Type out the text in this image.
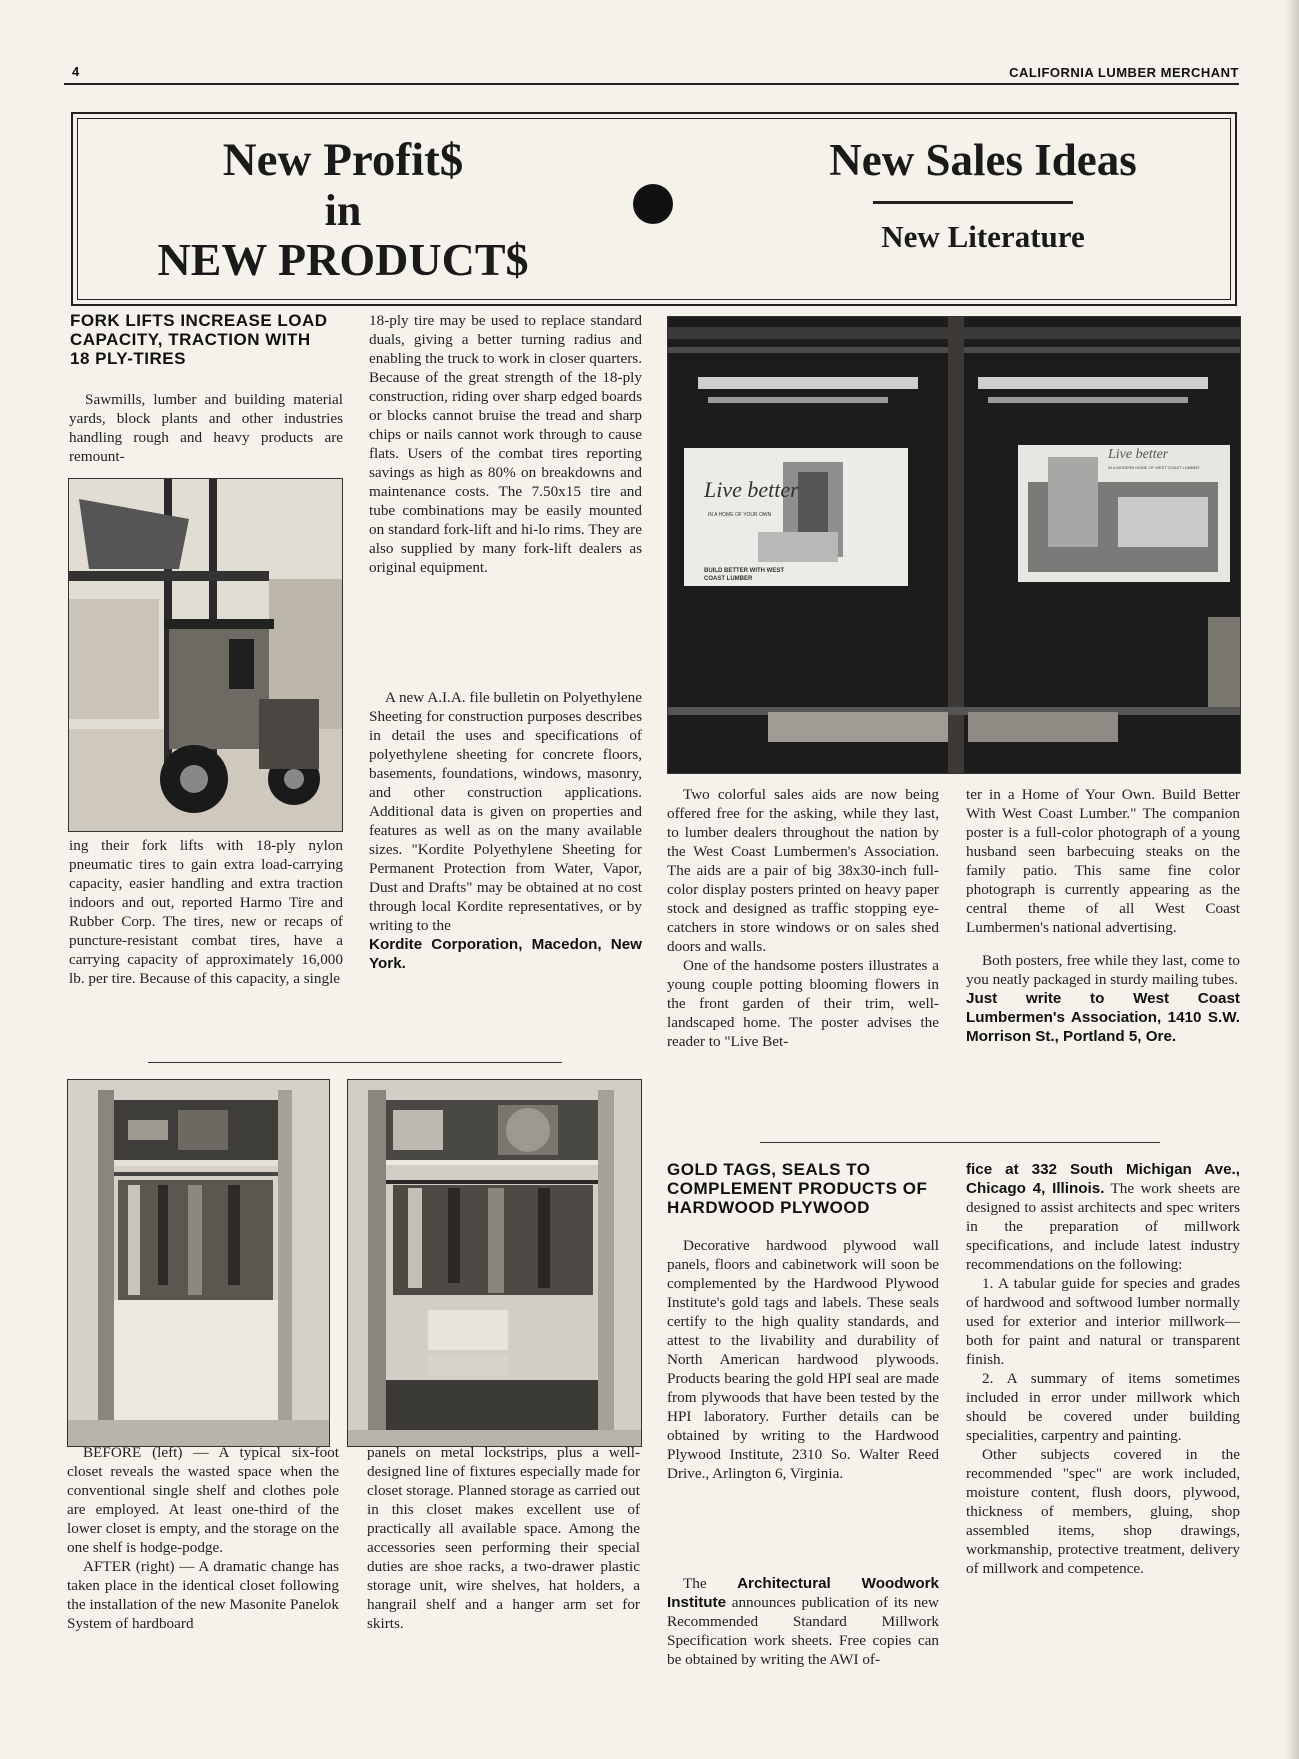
4	CALIFORNIA LUMBER MERCHANT
New Profit$
in
NEW PRODUCT$
New Sales Ideas
New Literature
FORK LIFTS INCREASE LOAD CAPACITY, TRACTION WITH 18 PLY-TIRES

Sawmills, lumber and building material yards, block plants and other industries handling rough and heavy products are remount-

ing their fork lifts with 18-ply nylon pneumatic tires to gain extra load-carrying capacity, easier handling and extra traction indoors and out, reported Harmo Tire and Rubber Corp. The tires, new or recaps of puncture-resistant combat tires, have a carrying capacity of approximately 16,000 lb. per tire. Because of this capacity, a single

18-ply tire may be used to replace standard duals, giving a better turning radius and enabling the truck to work in closer quarters. Because of the great strength of the 18-ply construction, riding over sharp edged boards or blocks cannot bruise the tread and sharp chips or nails cannot work through to cause flats. Users of the combat tires reporting savings as high as 80% on breakdowns and maintenance costs. The 7.50x15 tire and tube combinations may be easily mounted on standard fork-lift and hi-lo rims. They are also supplied by many fork-lift dealers as original equipment.

A new A.I.A. file bulletin on Polyethylene Sheeting for construction purposes describes in detail the uses and specifications of polyethylene sheeting for concrete floors, basements, foundations, windows, masonry, and other construction applications. Additional data is given on properties and features as well as on the many available sizes. "Kordite Polyethylene Sheeting for Permanent Protection from Water, Vapor, Dust and Drafts" may be obtained at no cost through local Kordite representatives, or by writing to the

Kordite Corporation, Macedon, New York.

Live better
IN A HOME OF YOUR OWN
BUILD BETTER WITH WEST COAST LUMBER
Live better
IN A MODERN HOME OF WEST COAST LUMBER

Two colorful sales aids are now being offered free for the asking, while they last, to lumber dealers throughout the nation by the West Coast Lumbermen's Association. The aids are a pair of big 38x30-inch full-color display posters printed on heavy paper stock and designed as traffic stopping eye-catchers in store windows or on sales shed doors and walls.

One of the handsome posters illustrates a young couple potting blooming flowers in the front garden of their trim, well-landscaped home. The poster advises the reader to "Live Bet-

ter in a Home of Your Own. Build Better With West Coast Lumber." The companion poster is a full-color photograph of a young husband seen barbecuing steaks on the family patio. This same fine color photograph is currently appearing as the central theme of all West Coast Lumbermen's national advertising.

Both posters, free while they last, come to you neatly packaged in sturdy mailing tubes.

Just write to West Coast Lumbermen's Association, 1410 S.W. Morrison St., Portland 5, Ore.

BEFORE (left) — A typical six-foot closet reveals the wasted space when the conventional single shelf and clothes pole are employed. At least one-third of the lower closet is empty, and the storage on the one shelf is hodge-podge.

AFTER (right) — A dramatic change has taken place in the identical closet following the installation of the new Masonite Panelok System of hardboard

panels on metal lockstrips, plus a well-designed line of fixtures especially made for closet storage. Planned storage as carried out in this closet makes excellent use of practically all available space. Among the accessories seen performing their special duties are shoe racks, a two-drawer plastic storage unit, wire shelves, hat holders, a hangrail shelf and a hanger arm set for skirts.

GOLD TAGS, SEALS TO COMPLEMENT PRODUCTS OF HARDWOOD PLYWOOD

Decorative hardwood plywood wall panels, floors and cabinetwork will soon be complemented by the Hardwood Plywood Institute's gold tags and labels. These seals certify to the high quality standards, and attest to the livability and durability of North American hardwood plywoods. Products bearing the gold HPI seal are made from plywoods that have been tested by the HPI laboratory. Further details can be obtained by writing to the Hardwood Plywood Institute, 2310 So. Walter Reed Drive., Arlington 6, Virginia.

The Architectural Woodwork Institute announces publication of its new Recommended Standard Millwork Specification work sheets. Free copies can be obtained by writing the AWI of-

fice at 332 South Michigan Ave., Chicago 4, Illinois. The work sheets are designed to assist architects and spec writers in the preparation of millwork specifications, and include latest industry recommendations on the following:

1. A tabular guide for species and grades of hardwood and softwood lumber normally used for exterior and interior millwork—both for paint and natural or transparent finish.

2. A summary of items sometimes included in error under millwork which should be covered under building specialities, carpentry and painting.

Other subjects covered in the recommended "spec" are work included, moisture content, flush doors, plywood, thickness of members, gluing, shop assembled items, shop drawings, workmanship, protective treatment, delivery of millwork and competence.
